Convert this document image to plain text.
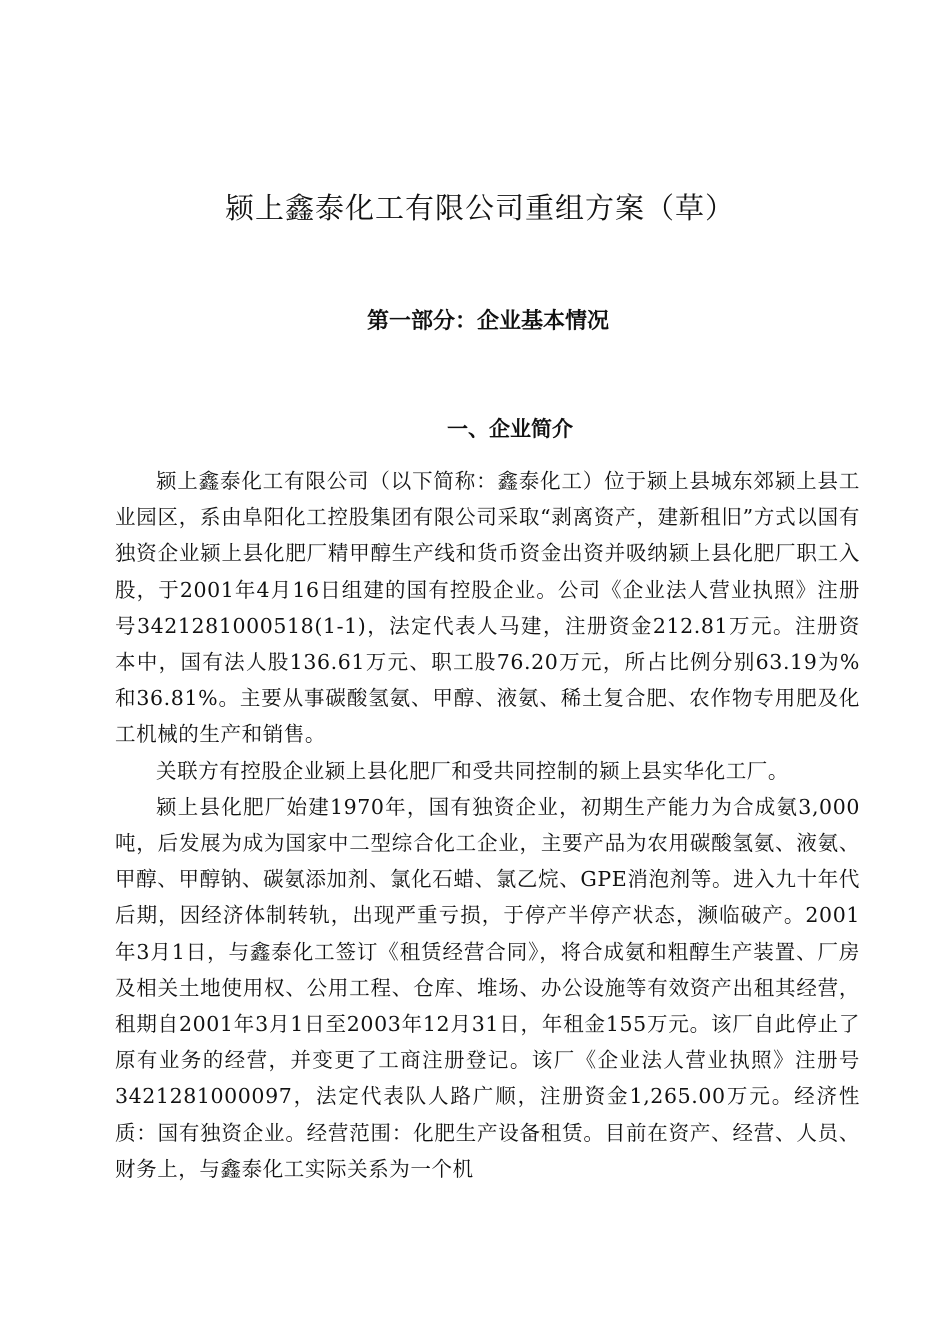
颍上鑫泰化工有限公司重组方案（草）
第一部分：企业基本情况
一、企业简介

颍上鑫泰化工有限公司（以下简称：鑫泰化工）位于颍上县城东郊颍上县工业园区，系由阜阳化工控股集团有限公司采取“剥离资产，建新租旧”方式以国有独资企业颍上县化肥厂精甲醇生产线和货币资金出资并吸纳颍上县化肥厂职工入股，于2001年4月16日组建的国有控股企业。公司《企业法人营业执照》注册号3421281000518(1-1)，法定代表人马建，注册资金212.81万元。注册资本中，国有法人股136.61万元、职工股76.20万元，所占比例分别63.19为%和36.81%。主要从事碳酸氢氨、甲醇、液氨、稀土复合肥、农作物专用肥及化工机械的生产和销售。

关联方有控股企业颍上县化肥厂和受共同控制的颍上县实华化工厂。

颍上县化肥厂始建1970年，国有独资企业，初期生产能力为合成氨3,000吨，后发展为成为国家中二型综合化工企业，主要产品为农用碳酸氢氨、液氨、甲醇、甲醇钠、碳氨添加剂、氯化石蜡、氯乙烷、GPE消泡剂等。进入九十年代后期，因经济体制转轨，出现严重亏损，于停产半停产状态，濒临破产。2001年3月1日，与鑫泰化工签订《租赁经营合同》，将合成氨和粗醇生产装置、厂房及相关土地使用权、公用工程、仓库、堆场、办公设施等有效资产出租其经营，租期自2001年3月1日至2003年12月31日，年租金155万元。该厂自此停止了原有业务的经营，并变更了工商注册登记。该厂《企业法人营业执照》注册号3421281000097，法定代表队人路广顺，注册资金1,265.00万元。经济性质：国有独资企业。经营范围：化肥生产设备租赁。目前在资产、经营、人员、财务上，与鑫泰化工实际关系为一个机
